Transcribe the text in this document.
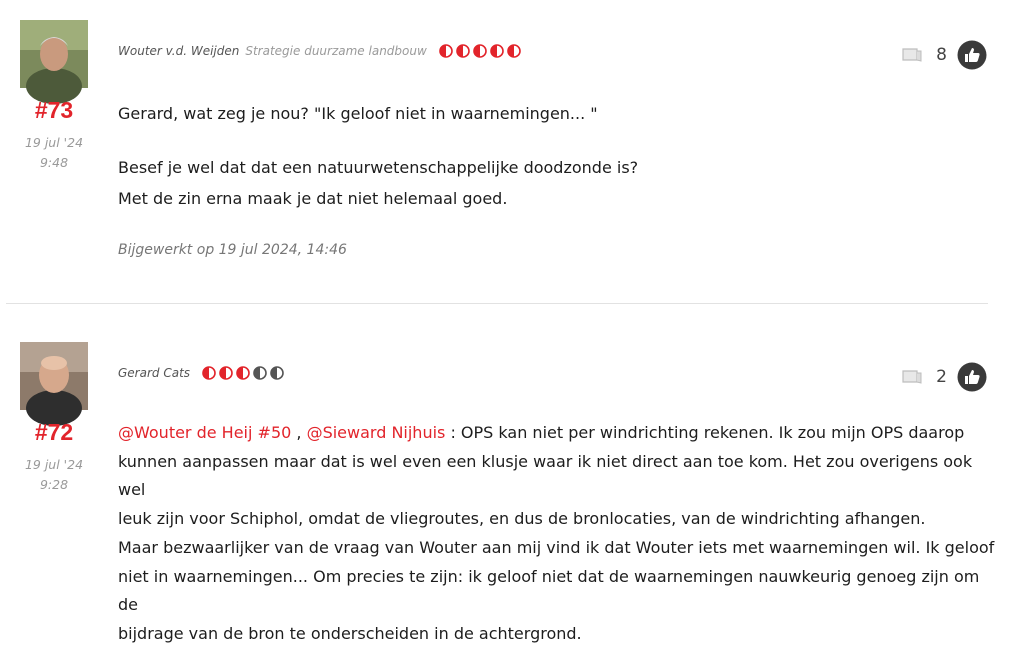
#73
19 jul '24
9:48
Wouter v.d. Weijden Strategie duurzame landbouw	8
Gerard, wat zeg je nou? "Ik geloof niet in waarnemingen... "
Besef je wel dat dat een natuurwetenschappelijke doodzonde is?
Met de zin erna maak je dat niet helemaal goed.
Bijgewerkt op 19 jul 2024, 14:46
#72
19 jul '24
9:28
Gerard Cats	2
@Wouter de Heij #50 , @Sieward Nijhuis : OPS kan niet per windrichting rekenen. Ik zou mijn OPS daarop
kunnen aanpassen maar dat is wel even een klusje waar ik niet direct aan toe kom. Het zou overigens ook wel
leuk zijn voor Schiphol, omdat de vliegroutes, en dus de bronlocaties, van de windrichting afhangen.
Maar bezwaarlijker van de vraag van Wouter aan mij vind ik dat Wouter iets met waarnemingen wil. Ik geloof
niet in waarnemingen... Om precies te zijn: ik geloof niet dat de waarnemingen nauwkeurig genoeg zijn om de
bijdrage van de bron te onderscheiden in de achtergrond.
